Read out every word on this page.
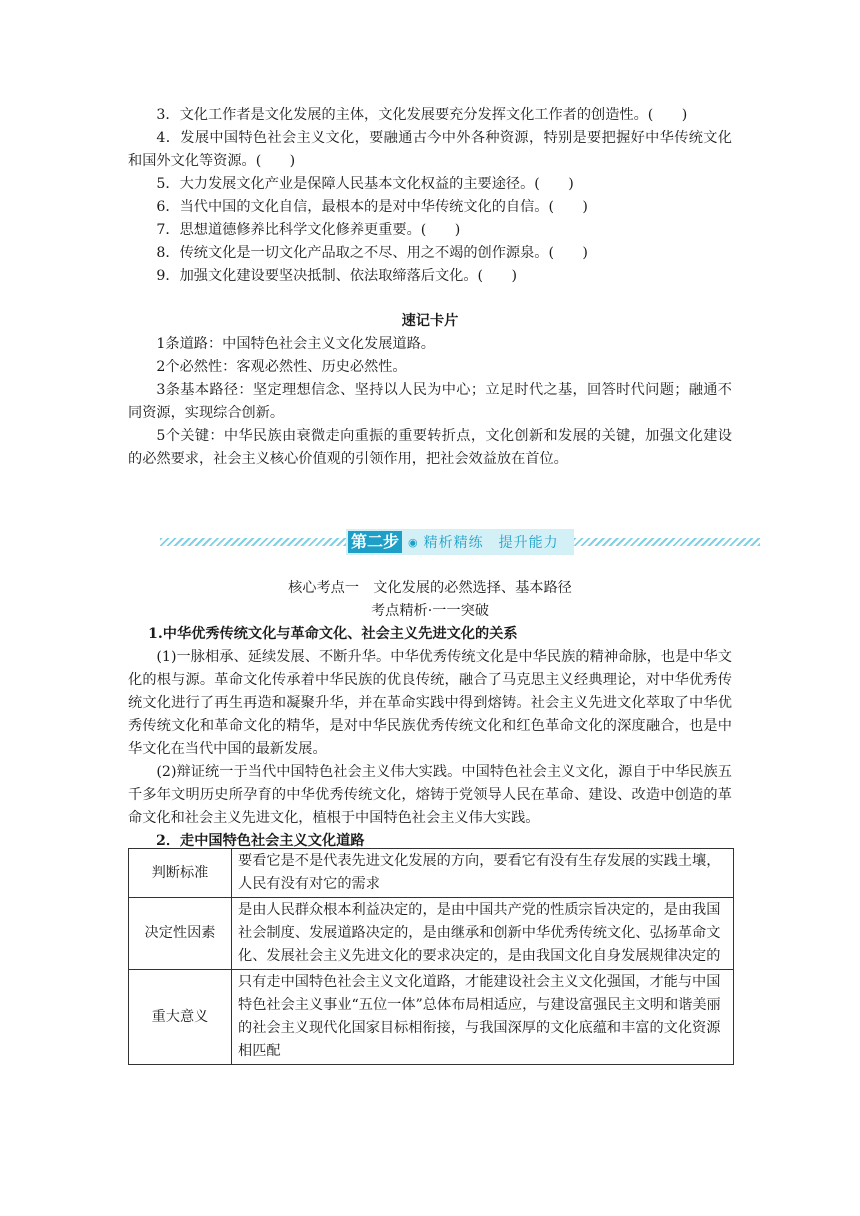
3．文化工作者是文化发展的主体，文化发展要充分发挥文化工作者的创造性。(　　)
4．发展中国特色社会主义文化，要融通古今中外各种资源，特别是要把握好中华传统文化和国外文化等资源。(　　)
5．大力发展文化产业是保障人民基本文化权益的主要途径。(　　)
6．当代中国的文化自信，最根本的是对中华传统文化的自信。(　　)
7．思想道德修养比科学文化修养更重要。(　　)
8．传统文化是一切文化产品取之不尽、用之不竭的创作源泉。(　　)
9．加强文化建设要坚决抵制、依法取缔落后文化。(　　)
速记卡片
1条道路：中国特色社会主义文化发展道路。
2个必然性：客观必然性、历史必然性。
3条基本路径：坚定理想信念、坚持以人民为中心；立足时代之基，回答时代问题；融通不同资源，实现综合创新。
5个关键：中华民族由衰微走向重振的重要转折点，文化创新和发展的关键，加强文化建设的必然要求，社会主义核心价值观的引领作用，把社会效益放在首位。
核心考点一　文化发展的必然选择、基本路径
考点精析·一一突破
1.中华优秀传统文化与革命文化、社会主义先进文化的关系
(1)一脉相承、延续发展、不断升华。中华优秀传统文化是中华民族的精神命脉，也是中华文化的根与源。革命文化传承着中华民族的优良传统，融合了马克思主义经典理论，对中华优秀传统文化进行了再生再造和凝聚升华，并在革命实践中得到熔铸。社会主义先进文化萃取了中华优秀传统文化和革命文化的精华，是对中华民族优秀传统文化和红色革命文化的深度融合，也是中华文化在当代中国的最新发展。
(2)辩证统一于当代中国特色社会主义伟大实践。中国特色社会主义文化，源自于中华民族五千多年文明历史所孕育的中华优秀传统文化，熔铸于党领导人民在革命、建设、改造中创造的革命文化和社会主义先进文化，植根于中国特色社会主义伟大实践。
2．走中国特色社会主义文化道路
第二步 ◉ 精析精练　提升能力
判断标准	要看它是不是代表先进文化发展的方向，要看它有没有生存发展的实践土壤，人民有没有对它的需求
决定性因素	是由人民群众根本利益决定的，是由中国共产党的性质宗旨决定的，是由我国社会制度、发展道路决定的，是由继承和创新中华优秀传统文化、弘扬革命文化、发展社会主义先进文化的要求决定的，是由我国文化自身发展规律决定的
重大意义	只有走中国特色社会主义文化道路，才能建设社会主义文化强国，才能与中国特色社会主义事业“五位一体”总体布局相适应，与建设富强民主文明和谐美丽的社会主义现代化国家目标相衔接，与我国深厚的文化底蕴和丰富的文化资源相匹配
